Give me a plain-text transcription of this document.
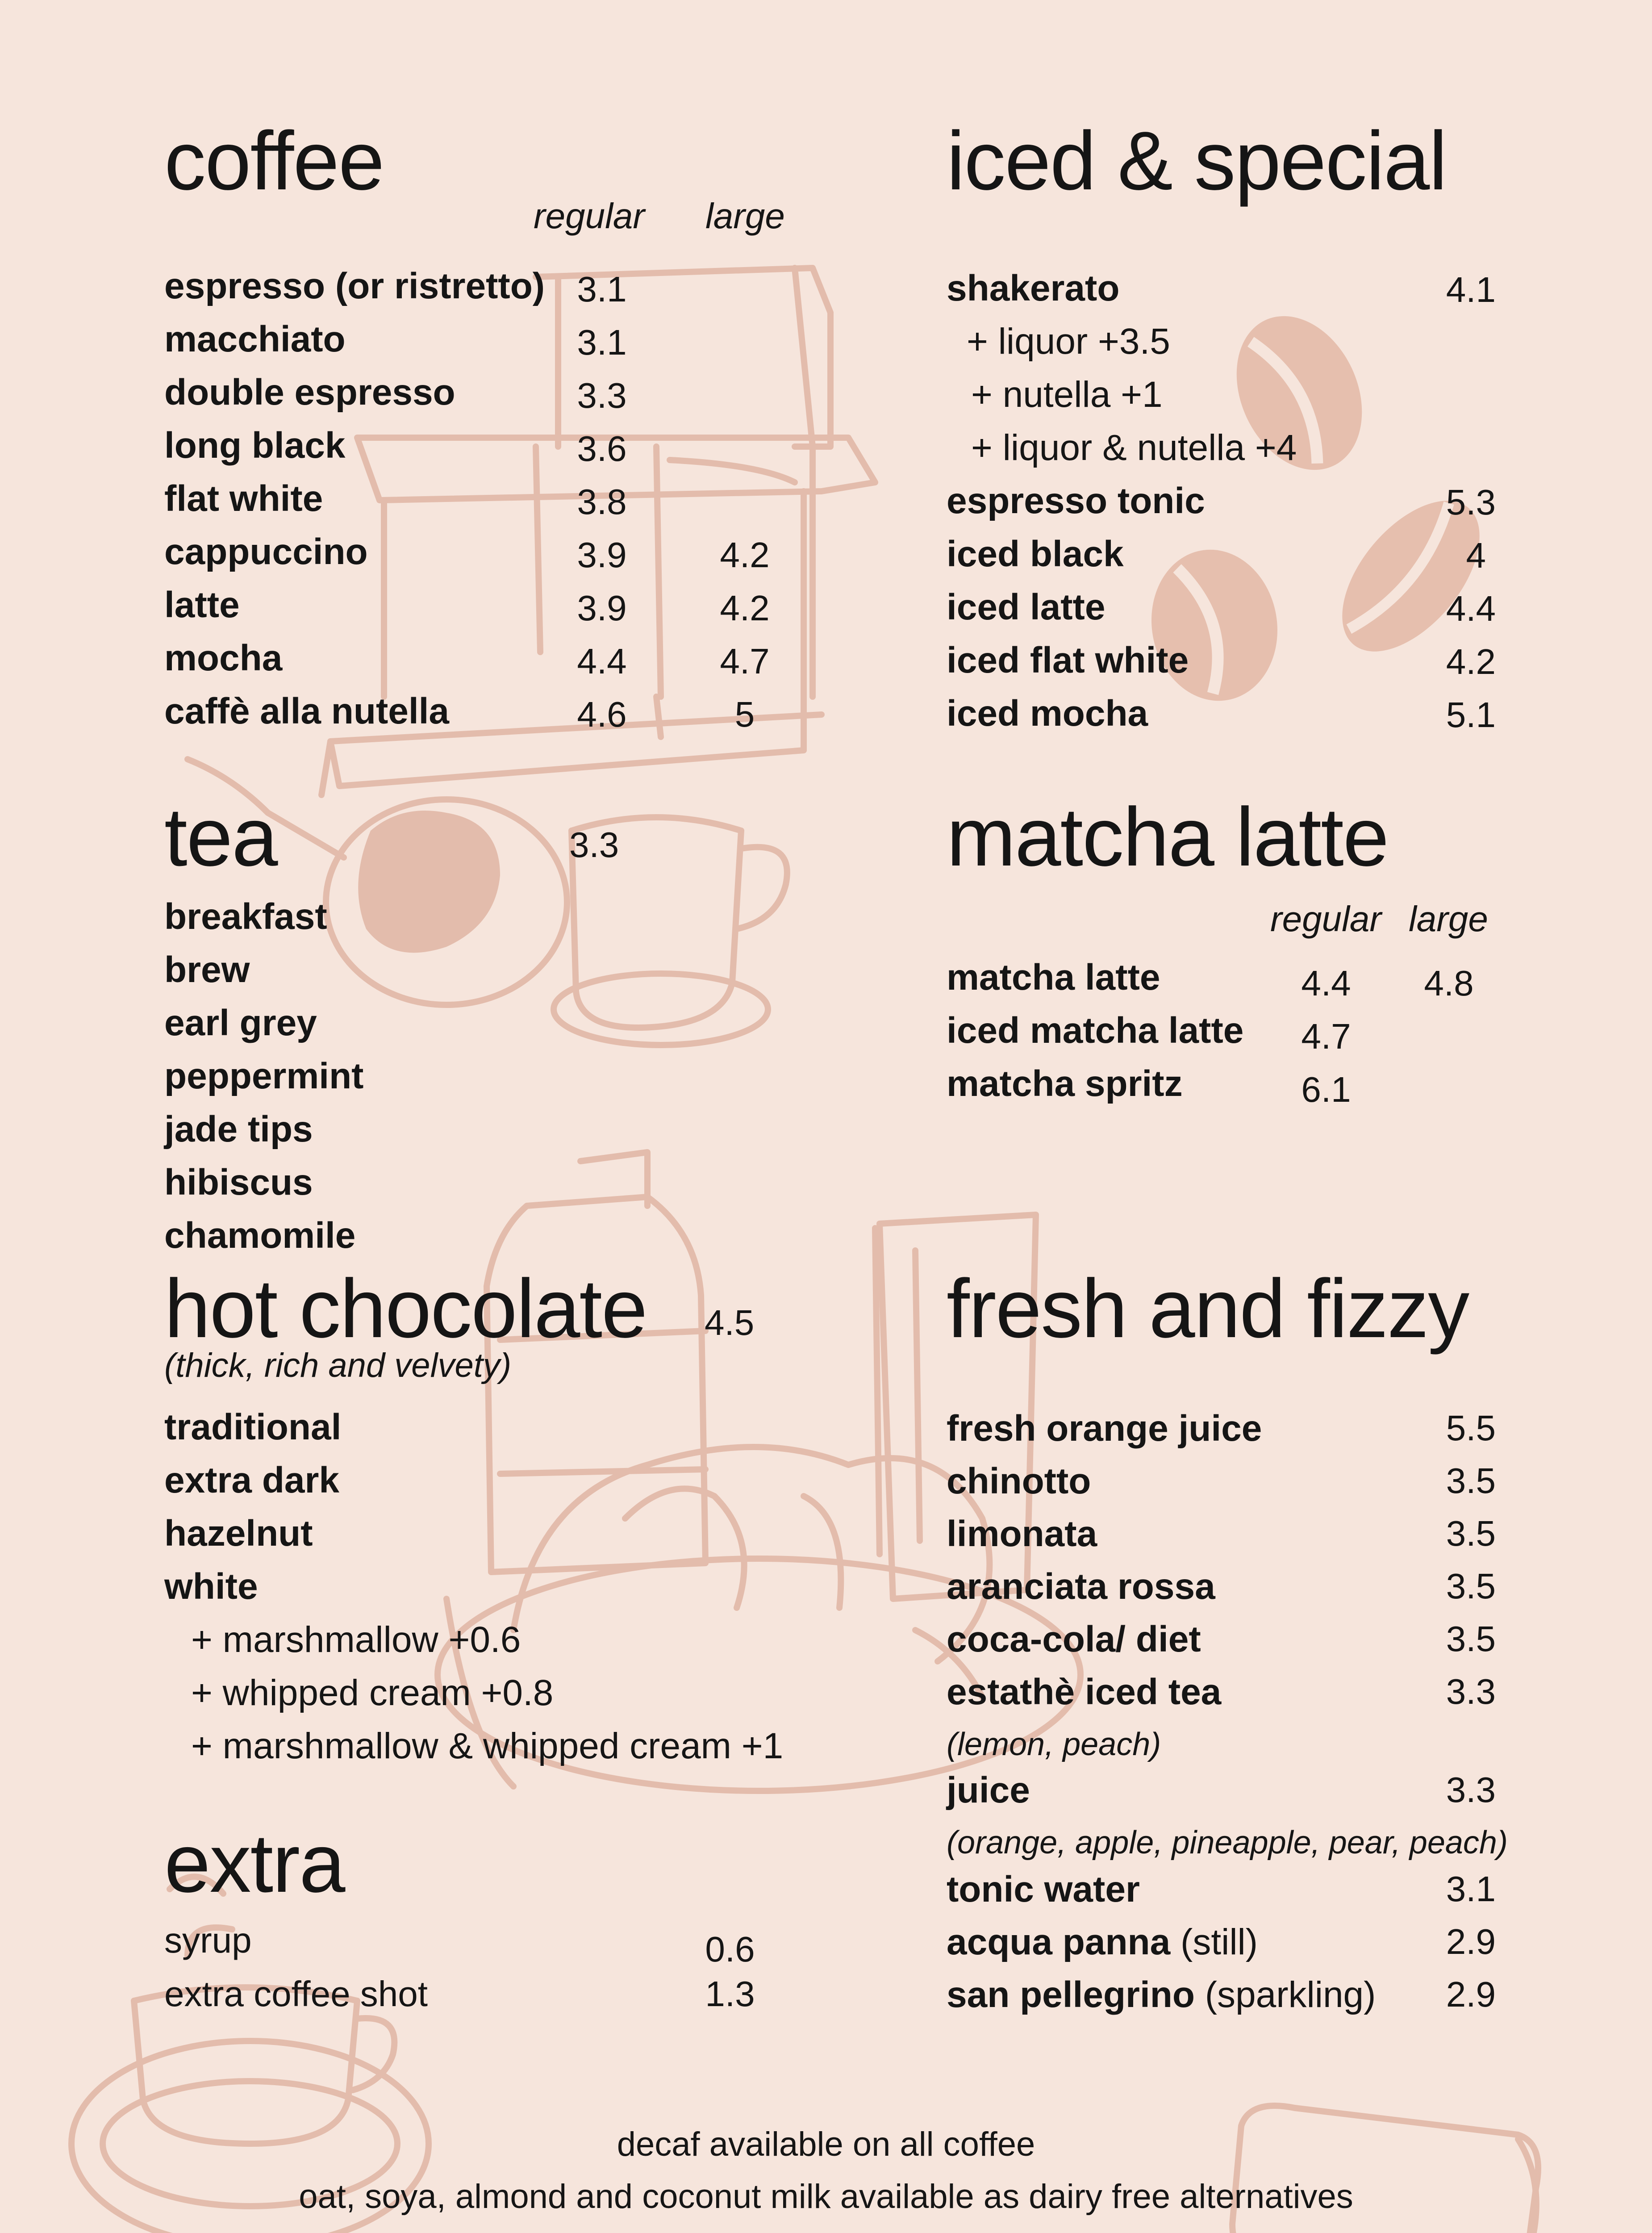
coffee
regular large
espresso (or ristretto) 3.1
macchiato	3.1
double espresso	3.3
long black	3.6
flat white	3.8
cappuccino	3.9	4.2
latte	3.9	4.2
mocha	4.4	4.7
caffè alla nutella	4.6	5
iced & special
shakerato	4.1
+ liquor +3.5
+ nutella +1
+ liquor & nutella +4
espresso tonic	5.3
iced black	4
iced latte	4.4
iced flat white	4.2
iced mocha	5.1
tea	3.3
breakfast
brew
earl grey
peppermint
jade tips
hibiscus
chamomile
matcha latte
regular large
matcha latte	4.4	4.8
iced matcha latte	4.7
matcha spritz	6.1
hot chocolate 4.5
(thick, rich and velvety)
traditional
extra dark
hazelnut
white
+ marshmallow +0.6
+ whipped cream +0.8
+ marshmallow & whipped cream +1
fresh and fizzy
fresh orange juice	5.5
chinotto	3.5
limonata	3.5
aranciata rossa	3.5
coca-cola/ diet	3.5
estathè iced tea	3.3
(lemon, peach)
juice	3.3
(orange, apple, pineapple, pear, peach)
tonic water	3.1
acqua panna (still)	2.9
san pellegrino (sparkling) 2.9
extra
syrup	0.6
extra coffee shot	1.3
decaf available on all coffee
oat, soya, almond and coconut milk available as dairy free alternatives
